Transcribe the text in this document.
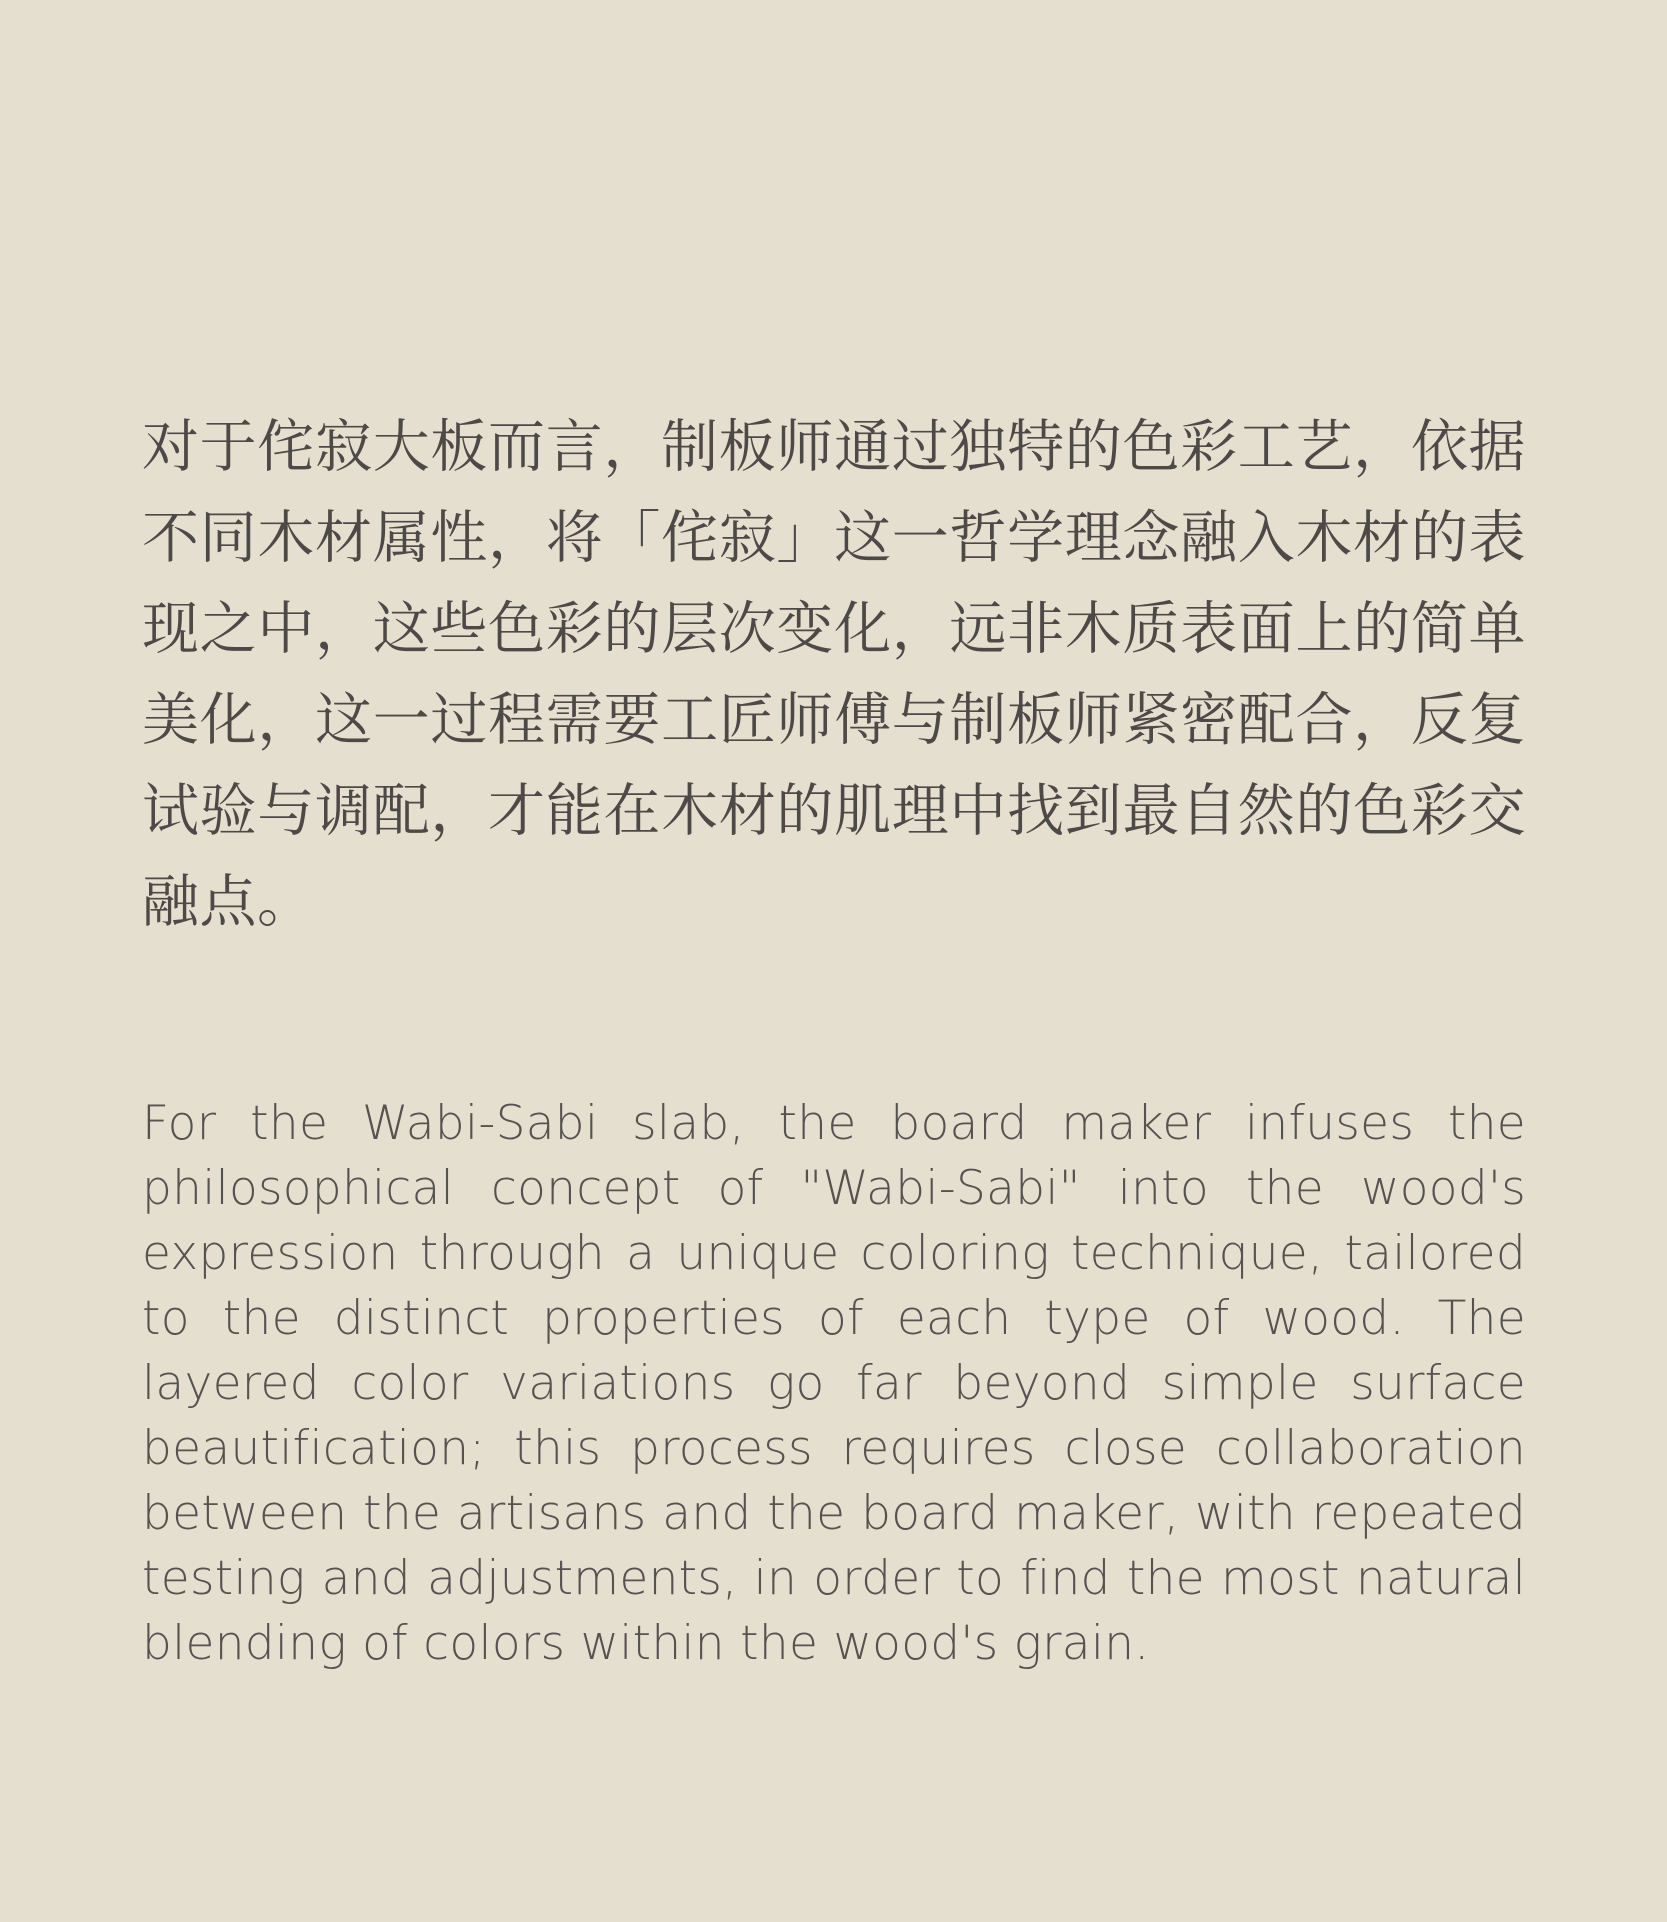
对于侘寂大板而言，制板师通过独特的色彩工艺，依据不同木材属性，将「侘寂」这一哲学理念融入木材的表现之中，这些色彩的层次变化，远非木质表面上的简单美化，这一过程需要工匠师傅与制板师紧密配合，反复试验与调配，才能在木材的肌理中找到最自然的色彩交融点。

For the Wabi-Sabi slab, the board maker infuses the philosophical concept of "Wabi-Sabi" into the wood's expression through a unique coloring technique, tailored to the distinct properties of each type of wood. The layered color variations go far beyond simple surface beautification; this process requires close collaboration between the artisans and the board maker, with repeated testing and adjustments, in order to find the most natural blending of colors within the wood's grain.
